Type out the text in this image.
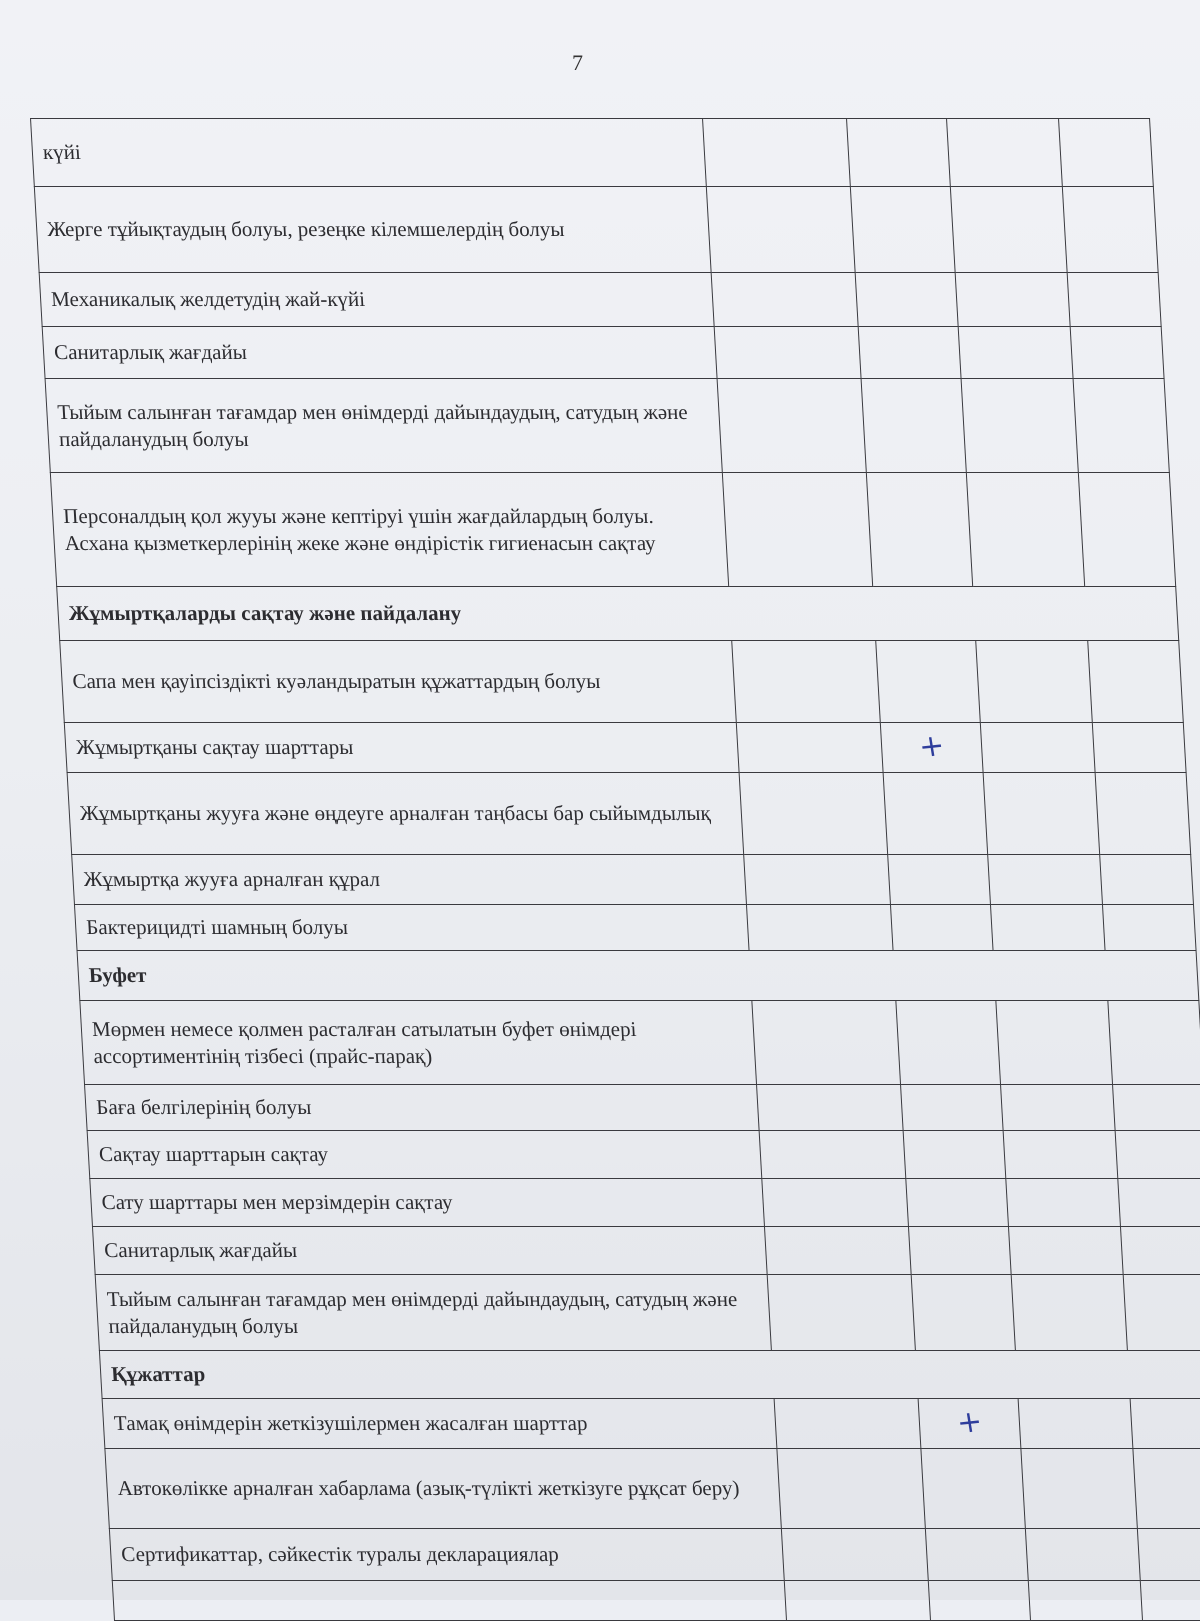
7
күйі				
Жерге тұйықтаудың болуы, резеңке кілемшелердің болуы				
Механикалық желдетудің жай-күйі				
Санитарлық жағдайы				
Тыйым салынған тағамдар мен өнімдерді дайындаудың, сатудың және пайдаланудың болуы				
Персоналдың қол жууы және кептіруі үшін жағдайлардың болуы. Асхана қызметкерлерінің жеке және өндірістік гигиенасын сақтау				
Жұмыртқаларды сақтау және пайдалану				
Сапа мен қауіпсіздікті куәландыратын құжаттардың болуы				
Жұмыртқаны сақтау шарттары		+		
Жұмыртқаны жууға және өңдеуге арналған таңбасы бар сыйымдылық				
Жұмыртқа жууға арналған құрал				
Бактерицидті шамның болуы				
Буфет				
Мөрмен немесе қолмен расталған сатылатын буфет өнімдері ассортиментінің тізбесі (прайс-парақ)				
Баға белгілерінің болуы				
Сақтау шарттарын сақтау				
Сату шарттары мен мерзімдерін сақтау				
Санитарлық жағдайы				
Тыйым салынған тағамдар мен өнімдерді дайындаудың, сатудың және пайдаланудың болуы				
Құжаттар				
Тамақ өнімдерін жеткізушілермен жасалған шарттар		+		
Автокөлікке арналған хабарлама (азық-түлікті жеткізуге рұқсат беру)				
Сертификаттар, сәйкестік туралы декларациялар				
